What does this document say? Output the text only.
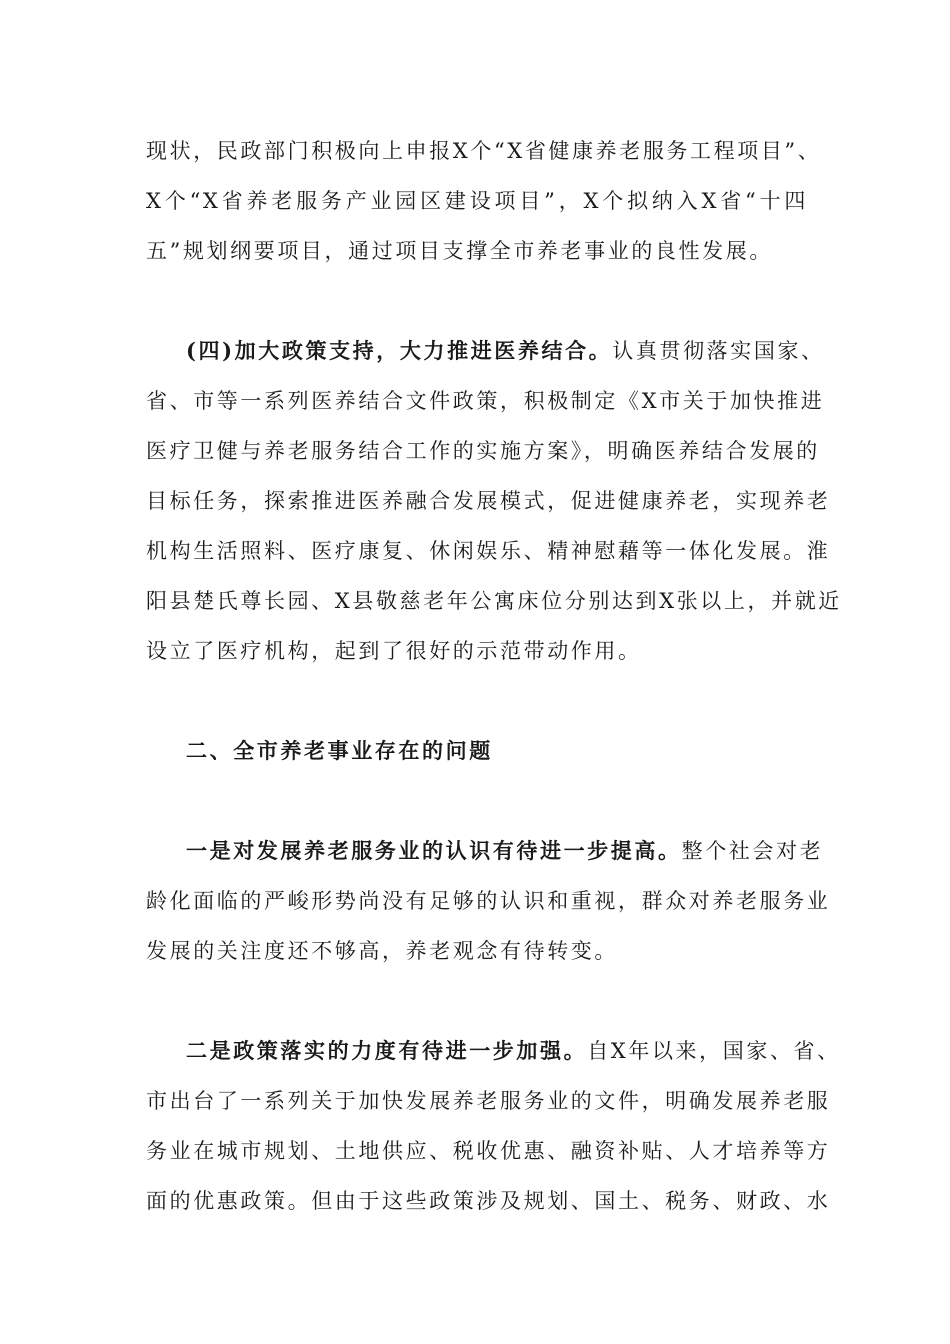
现状，民政部门积极向上申报X个“X省健康养老服务工程项目”、
X个“X省养老服务产业园区建设项目”，X个拟纳入X省“十四
五”规划纲要项目，通过项目支撑全市养老事业的良性发展。
(四)加大政策支持，大力推进医养结合。认真贯彻落实国家、
省、市等一系列医养结合文件政策，积极制定《X市关于加快推进
医疗卫健与养老服务结合工作的实施方案》，明确医养结合发展的
目标任务，探索推进医养融合发展模式，促进健康养老，实现养老
机构生活照料、医疗康复、休闲娱乐、精神慰藉等一体化发展。淮
阳县楚氏尊长园、X县敬慈老年公寓床位分别达到X张以上，并就近
设立了医疗机构，起到了很好的示范带动作用。
二、全市养老事业存在的问题
一是对发展养老服务业的认识有待进一步提高。整个社会对老
龄化面临的严峻形势尚没有足够的认识和重视，群众对养老服务业
发展的关注度还不够高，养老观念有待转变。
二是政策落实的力度有待进一步加强。自X年以来，国家、省、
市出台了一系列关于加快发展养老服务业的文件，明确发展养老服
务业在城市规划、土地供应、税收优惠、融资补贴、人才培养等方
面的优惠政策。但由于这些政策涉及规划、国土、税务、财政、水
